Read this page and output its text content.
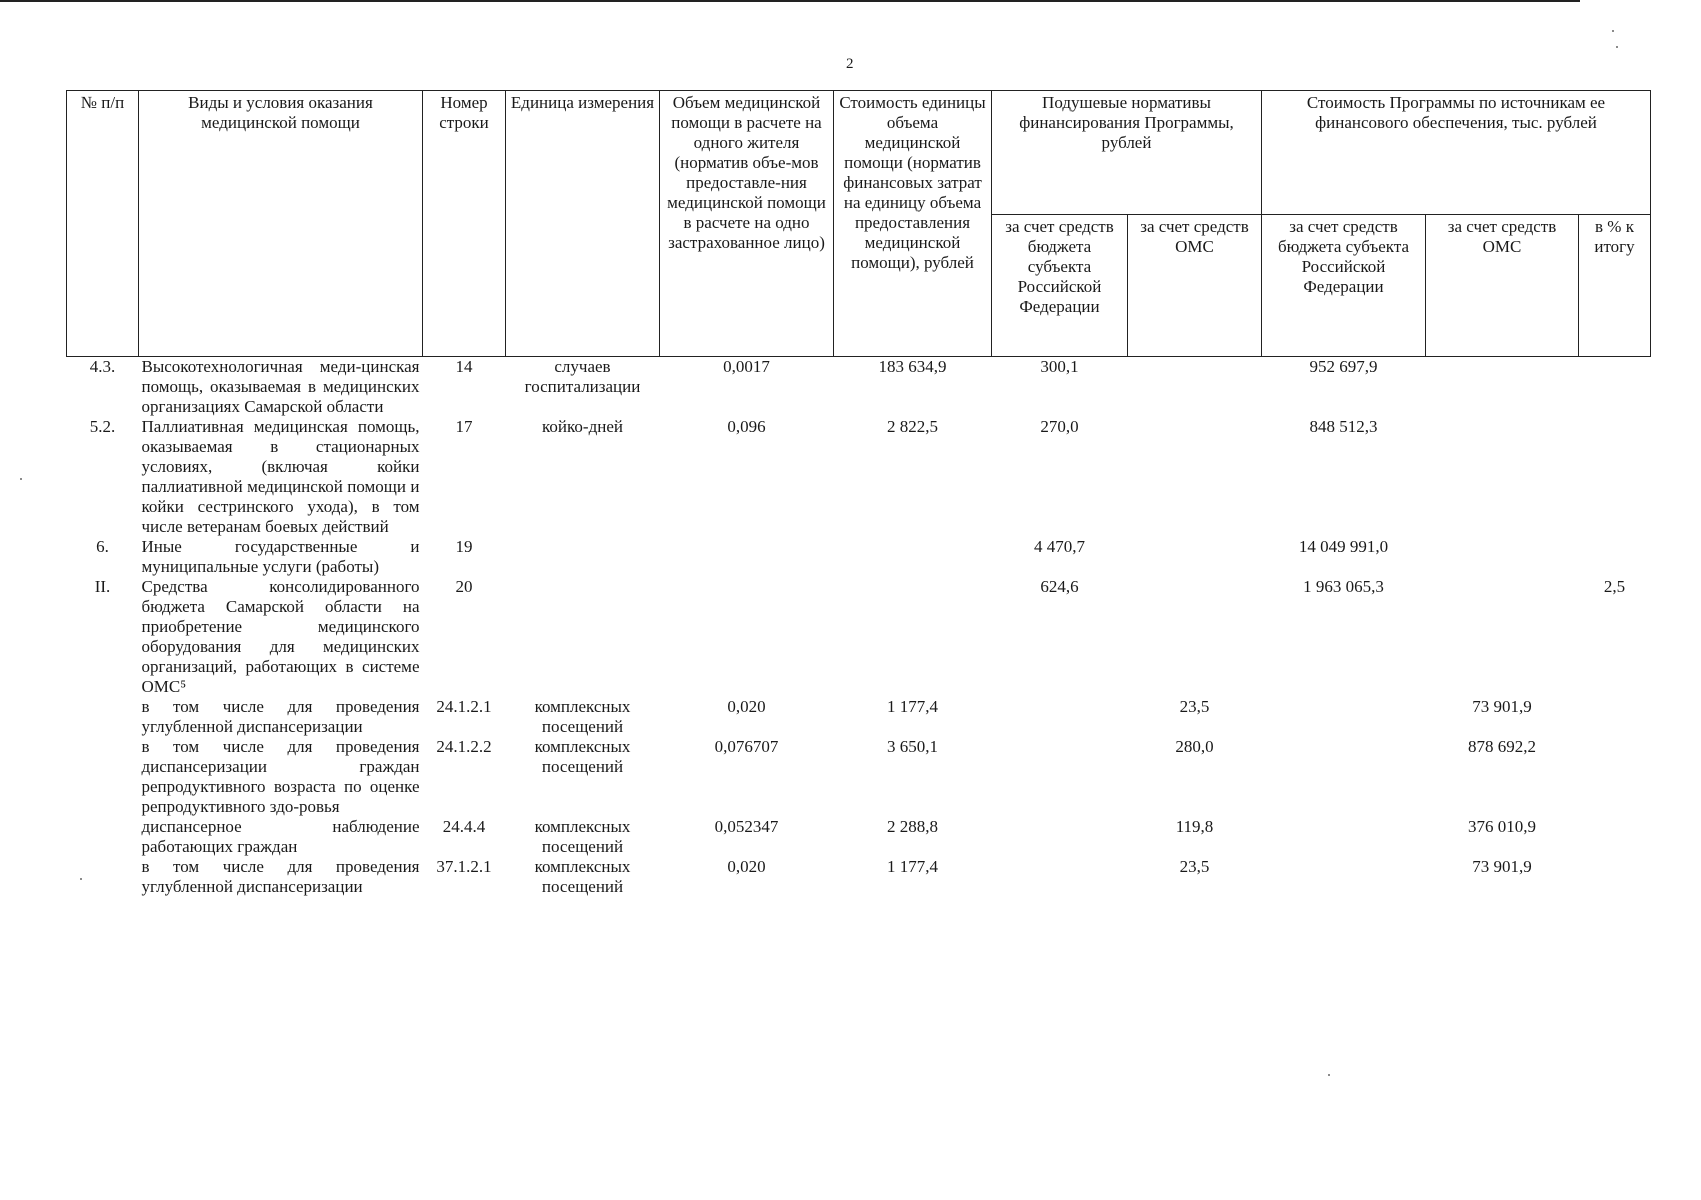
2
№ п/п	Виды и условия оказания медицинской помощи	Номер строки	Единица измерения	Объем медицинской помощи в расчете на одного жителя (норматив объе-мов предоставле-ния медицинской помощи в расчете на одно застрахованное лицо)	Стоимость единицы объема медицинской помощи (норматив финансовых затрат на единицу объема предоставления медицинской помощи), рублей	Подушевые нормативы финансирования Программы, рублей		Стоимость Программы по источникам ее финансового обеспечения, тыс. рублей		
						за счет средств бюджета субъекта Российской Федерации	за счет средств ОМС	за счет средств бюджета субъекта Российской Федерации	за счет средств ОМС	в % к итогу
4.3.	Высокотехнологичная меди-цинская помощь, оказываемая в медицинских организациях Самарской области	14	случаев госпитализации	0,0017	183 634,9	300,1		952 697,9		
5.2.	Паллиативная медицинская помощь, оказываемая в стационарных условиях, (включая койки паллиативной медицинской помощи и койки сестринского ухода), в том числе ветеранам боевых действий	17	койко-дней	0,096	2 822,5	270,0		848 512,3		
6.	Иные государственные и муниципальные услуги (работы)	19				4 470,7		14 049 991,0		
II.	Средства консолидированного бюджета Самарской области на приобретение медицинского оборудования для медицинских организаций, работающих в системе ОМС⁵	20				624,6		1 963 065,3		2,5
	в том числе для проведения углубленной диспансеризации	24.1.2.1	комплексных посещений	0,020	1 177,4		23,5		73 901,9	
	в том числе для проведения диспансеризации граждан репродуктивного возраста по оценке репродуктивного здо-ровья	24.1.2.2	комплексных посещений	0,076707	3 650,1		280,0		878 692,2	
	диспансерное наблюдение работающих граждан	24.4.4	комплексных посещений	0,052347	2 288,8		119,8		376 010,9	
	в том числе для проведения углубленной диспансеризации	37.1.2.1	комплексных посещений	0,020	1 177,4		23,5		73 901,9	
